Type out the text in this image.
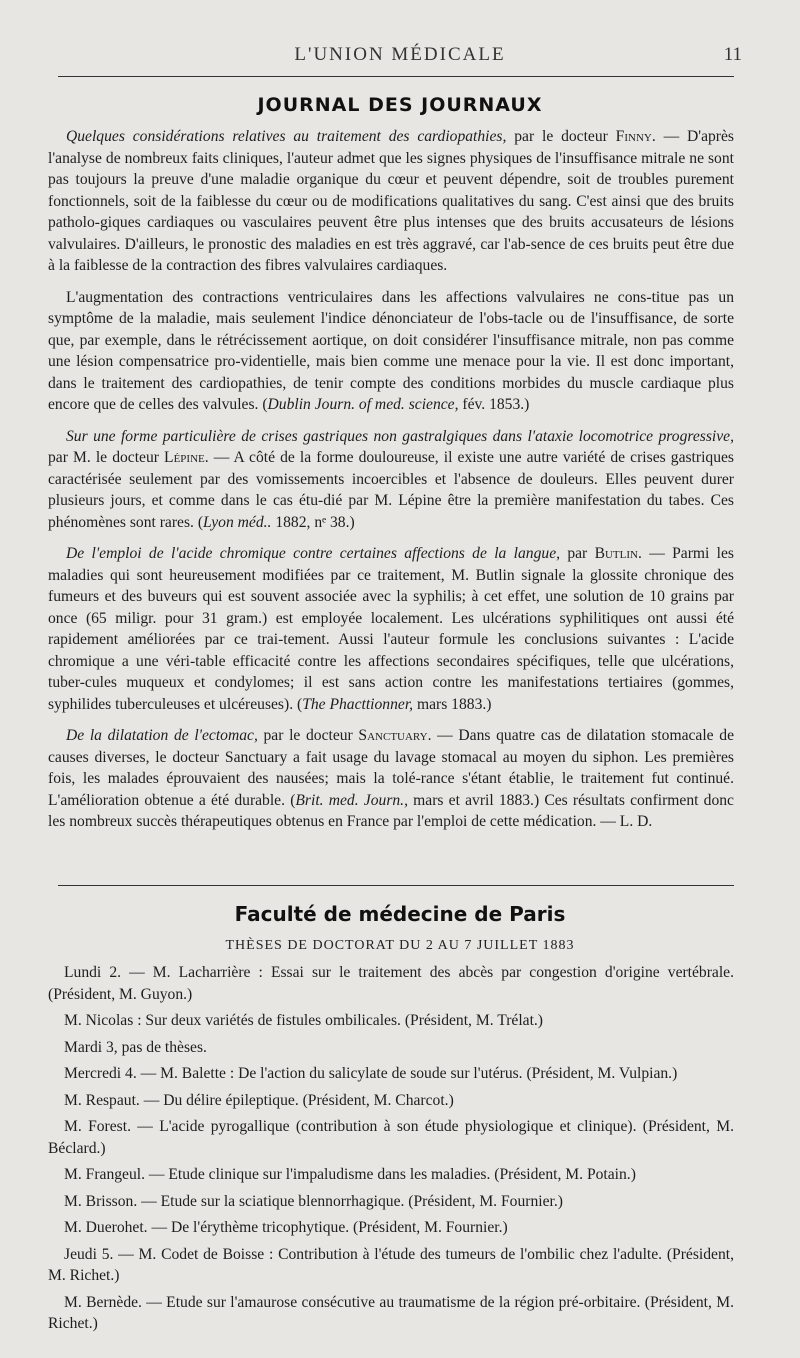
L'UNION MÉDICALE	11
JOURNAL DES JOURNAUX

Quelques considérations relatives au traitement des cardiopathies, par le docteur Finny. — D'après l'analyse de nombreux faits cliniques, l'auteur admet que les signes physiques de l'insuffisance mitrale ne sont pas toujours la preuve d'une maladie organique du cœur et peuvent dépendre, soit de troubles purement fonctionnels, soit de la faiblesse du cœur ou de modifications qualitatives du sang. C'est ainsi que des bruits patholo-giques cardiaques ou vasculaires peuvent être plus intenses que des bruits accusateurs de lésions valvulaires. D'ailleurs, le pronostic des maladies en est très aggravé, car l'ab-sence de ces bruits peut être due à la faiblesse de la contraction des fibres valvulaires cardiaques.

L'augmentation des contractions ventriculaires dans les affections valvulaires ne cons-titue pas un symptôme de la maladie, mais seulement l'indice dénonciateur de l'obs-tacle ou de l'insuffisance, de sorte que, par exemple, dans le rétrécissement aortique, on doit considérer l'insuffisance mitrale, non pas comme une lésion compensatrice pro-videntielle, mais bien comme une menace pour la vie. Il est donc important, dans le traitement des cardiopathies, de tenir compte des conditions morbides du muscle cardiaque plus encore que de celles des valvules. (Dublin Journ. of med. science, fév. 1853.)

Sur une forme particulière de crises gastriques non gastralgiques dans l'ataxie locomotrice progressive, par M. le docteur Lépine. — A côté de la forme douloureuse, il existe une autre variété de crises gastriques caractérisée seulement par des vomissements incoercibles et l'absence de douleurs. Elles peuvent durer plusieurs jours, et comme dans le cas étu-dié par M. Lépine être la première manifestation du tabes. Ces phénomènes sont rares. (Lyon méd.. 1882, nᵉ 38.)

De l'emploi de l'acide chromique contre certaines affections de la langue, par Butlin. — Parmi les maladies qui sont heureusement modifiées par ce traitement, M. Butlin signale la glossite chronique des fumeurs et des buveurs qui est souvent associée avec la syphilis; à cet effet, une solution de 10 grains par once (65 miligr. pour 31 gram.) est employée localement. Les ulcérations syphilitiques ont aussi été rapidement améliorées par ce trai-tement. Aussi l'auteur formule les conclusions suivantes : L'acide chromique a une véri-table efficacité contre les affections secondaires spécifiques, telle que ulcérations, tuber-cules muqueux et condylomes; il est sans action contre les manifestations tertiaires (gommes, syphilides tuberculeuses et ulcéreuses). (The Phacttionner, mars 1883.)

De la dilatation de l'ectomac, par le docteur Sanctuary. — Dans quatre cas de dilatation stomacale de causes diverses, le docteur Sanctuary a fait usage du lavage stomacal au moyen du siphon. Les premières fois, les malades éprouvaient des nausées; mais la tolé-rance s'étant établie, le traitement fut continué. L'amélioration obtenue a été durable. (Brit. med. Journ., mars et avril 1883.) Ces résultats confirment donc les nombreux succès thérapeutiques obtenus en France par l'emploi de cette médication. — L. D.

Faculté de médecine de Paris
THÈSES DE DOCTORAT DU 2 AU 7 JUILLET 1883

Lundi 2. — M. Lacharrière : Essai sur le traitement des abcès par congestion d'origine vertébrale. (Président, M. Guyon.)

M. Nicolas : Sur deux variétés de fistules ombilicales. (Président, M. Trélat.)

Mardi 3, pas de thèses.

Mercredi 4. — M. Balette : De l'action du salicylate de soude sur l'utérus. (Président, M. Vulpian.)

M. Respaut. — Du délire épileptique. (Président, M. Charcot.)

M. Forest. — L'acide pyrogallique (contribution à son étude physiologique et clinique). (Président, M. Béclard.)

M. Frangeul. — Etude clinique sur l'impaludisme dans les maladies. (Président, M. Potain.)

M. Brisson. — Etude sur la sciatique blennorrhagique. (Président, M. Fournier.)

M. Duerohet. — De l'érythème tricophytique. (Président, M. Fournier.)

Jeudi 5. — M. Codet de Boisse : Contribution à l'étude des tumeurs de l'ombilic chez l'adulte. (Président, M. Richet.)

M. Bernède. — Etude sur l'amaurose consécutive au traumatisme de la région pré-orbitaire. (Président, M. Richet.)
